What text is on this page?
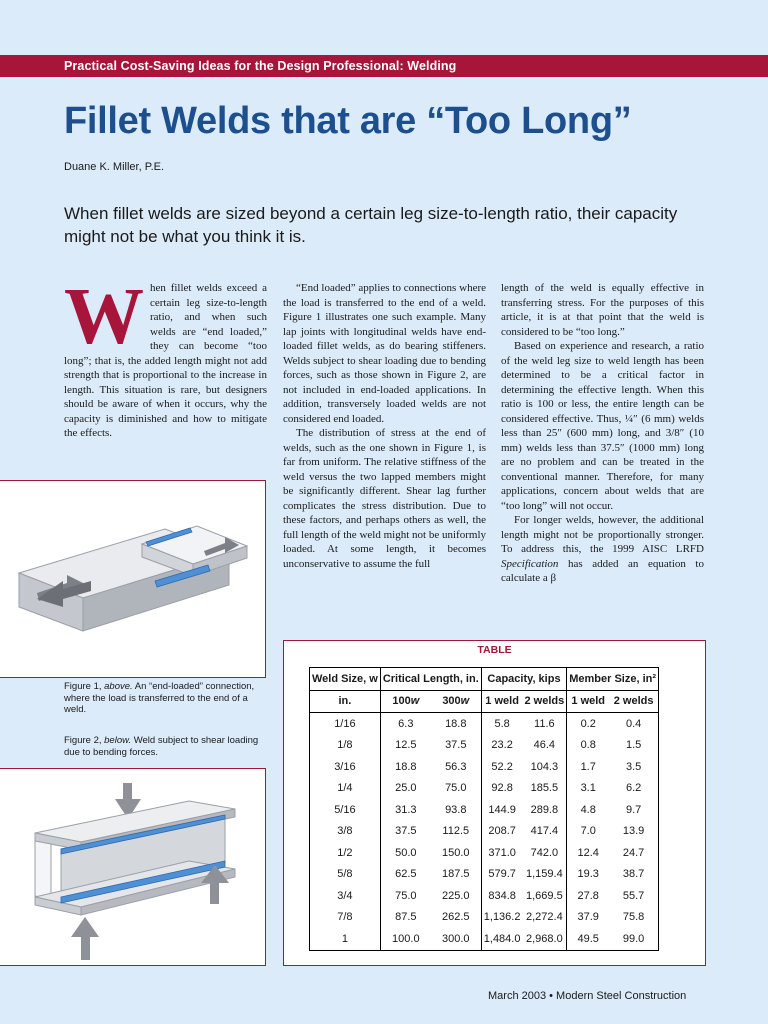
Practical Cost-Saving Ideas for the Design Professional: Welding
Fillet Welds that are “Too Long”
Duane K. Miller, P.E.
When fillet welds are sized beyond a certain leg size-to-length ratio, their capacity might not be what you think it is.
W hen fillet welds exceed a certain leg size-to-length ratio, and when such welds are “end loaded,” they can become “too long”; that is, the added length might not add strength that is proportional to the increase in length. This situation is rare, but designers should be aware of when it occurs, why the capacity is diminished and how to mitigate the effects.

“End loaded” applies to connections where the load is transferred to the end of a weld. Figure 1 illustrates one such example. Many lap joints with longitudinal welds have end-loaded fillet welds, as do bearing stiffeners. Welds subject to shear loading due to bending forces, such as those shown in Figure 2, are not included in end-loaded applications. In addition, transversely loaded welds are not considered end loaded.

The distribution of stress at the end of welds, such as the one shown in Figure 1, is far from uniform. The relative stiffness of the weld versus the two lapped members might be significantly different. Shear lag further complicates the stress distribution. Due to these factors, and perhaps others as well, the full length of the weld might not be uniformly loaded. At some length, it becomes unconservative to assume the full

length of the weld is equally effective in transferring stress. For the purposes of this article, it is at that point that the weld is considered to be “too long.”

Based on experience and research, a ratio of the weld leg size to weld length has been determined to be a critical factor in determining the effective length. When this ratio is 100 or less, the entire length can be considered effective. Thus, ¼″ (6 mm) welds less than 25″ (600 mm) long, and 3/8″ (10 mm) welds less than 37.5″ (1000 mm) long are no problem and can be treated in the conventional manner. Therefore, for many applications, concern about welds that are “too long” will not occur.

For longer welds, however, the additional length might not be proportionally stronger. To address this, the 1999 AISC LRFD Specification has added an equation to calculate a β

Figure 1, above. An “end-loaded” connection, where the load is transferred to the end of a weld.
Figure 2, below. Weld subject to shear loading due to bending forces.
TABLE
Weld Size, w	Critical Length, in.		Capacity, kips		Member Size, in²	
in.	100w	300w	1 weld	2 welds	1 weld	2 welds
1/16	6.3	18.8	5.8	11.6	0.2	0.4
1/8	12.5	37.5	23.2	46.4	0.8	1.5
3/16	18.8	56.3	52.2	104.3	1.7	3.5
1/4	25.0	75.0	92.8	185.5	3.1	6.2
5/16	31.3	93.8	144.9	289.8	4.8	9.7
3/8	37.5	112.5	208.7	417.4	7.0	13.9
1/2	50.0	150.0	371.0	742.0	12.4	24.7
5/8	62.5	187.5	579.7	1,159.4	19.3	38.7
3/4	75.0	225.0	834.8	1,669.5	27.8	55.7
7/8	87.5	262.5	1,136.2	2,272.4	37.9	75.8
1	100.0	300.0	1,484.0	2,968.0	49.5	99.0
March 2003 • Modern Steel Construction
